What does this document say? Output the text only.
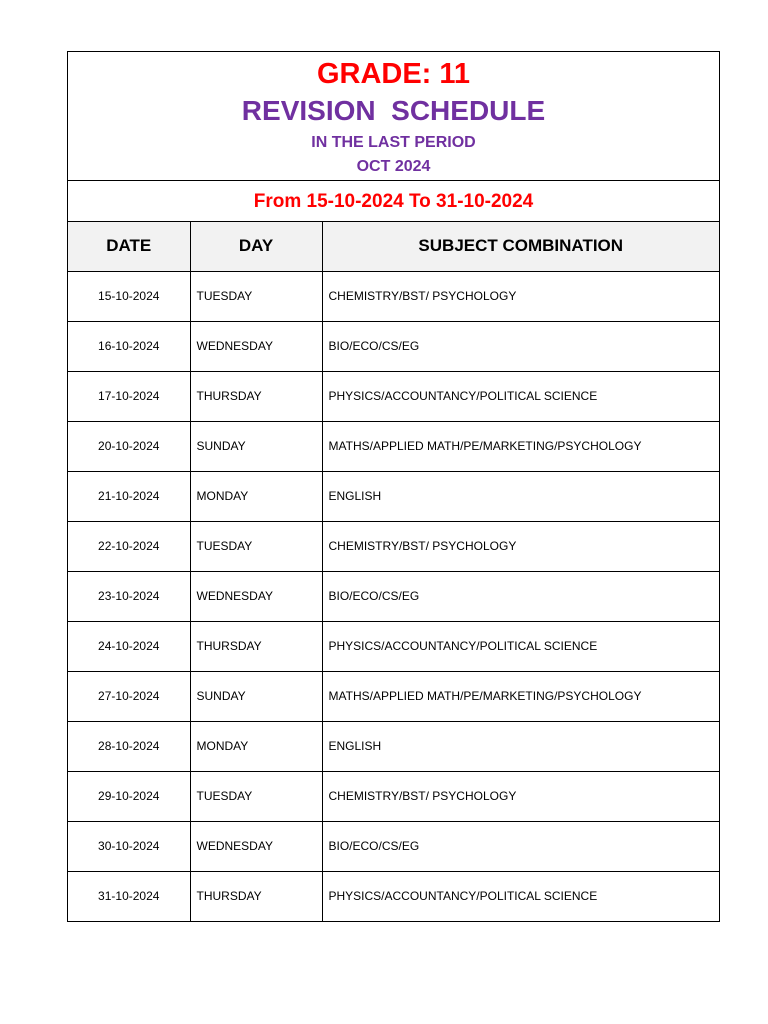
GRADE: 11
REVISION  SCHEDULE
IN THE LAST PERIOD
OCT 2024
From 15-10-2024 To 31-10-2024
DATE	DAY	SUBJECT COMBINATION
15-10-2024	TUESDAY	CHEMISTRY/BST/ PSYCHOLOGY
16-10-2024	WEDNESDAY	BIO/ECO/CS/EG
17-10-2024	THURSDAY	PHYSICS/ACCOUNTANCY/POLITICAL SCIENCE
20-10-2024	SUNDAY	MATHS/APPLIED MATH/PE/MARKETING/PSYCHOLOGY
21-10-2024	MONDAY	ENGLISH
22-10-2024	TUESDAY	CHEMISTRY/BST/ PSYCHOLOGY
23-10-2024	WEDNESDAY	BIO/ECO/CS/EG
24-10-2024	THURSDAY	PHYSICS/ACCOUNTANCY/POLITICAL SCIENCE
27-10-2024	SUNDAY	MATHS/APPLIED MATH/PE/MARKETING/PSYCHOLOGY
28-10-2024	MONDAY	ENGLISH
29-10-2024	TUESDAY	CHEMISTRY/BST/ PSYCHOLOGY
30-10-2024	WEDNESDAY	BIO/ECO/CS/EG
31-10-2024	THURSDAY	PHYSICS/ACCOUNTANCY/POLITICAL SCIENCE
